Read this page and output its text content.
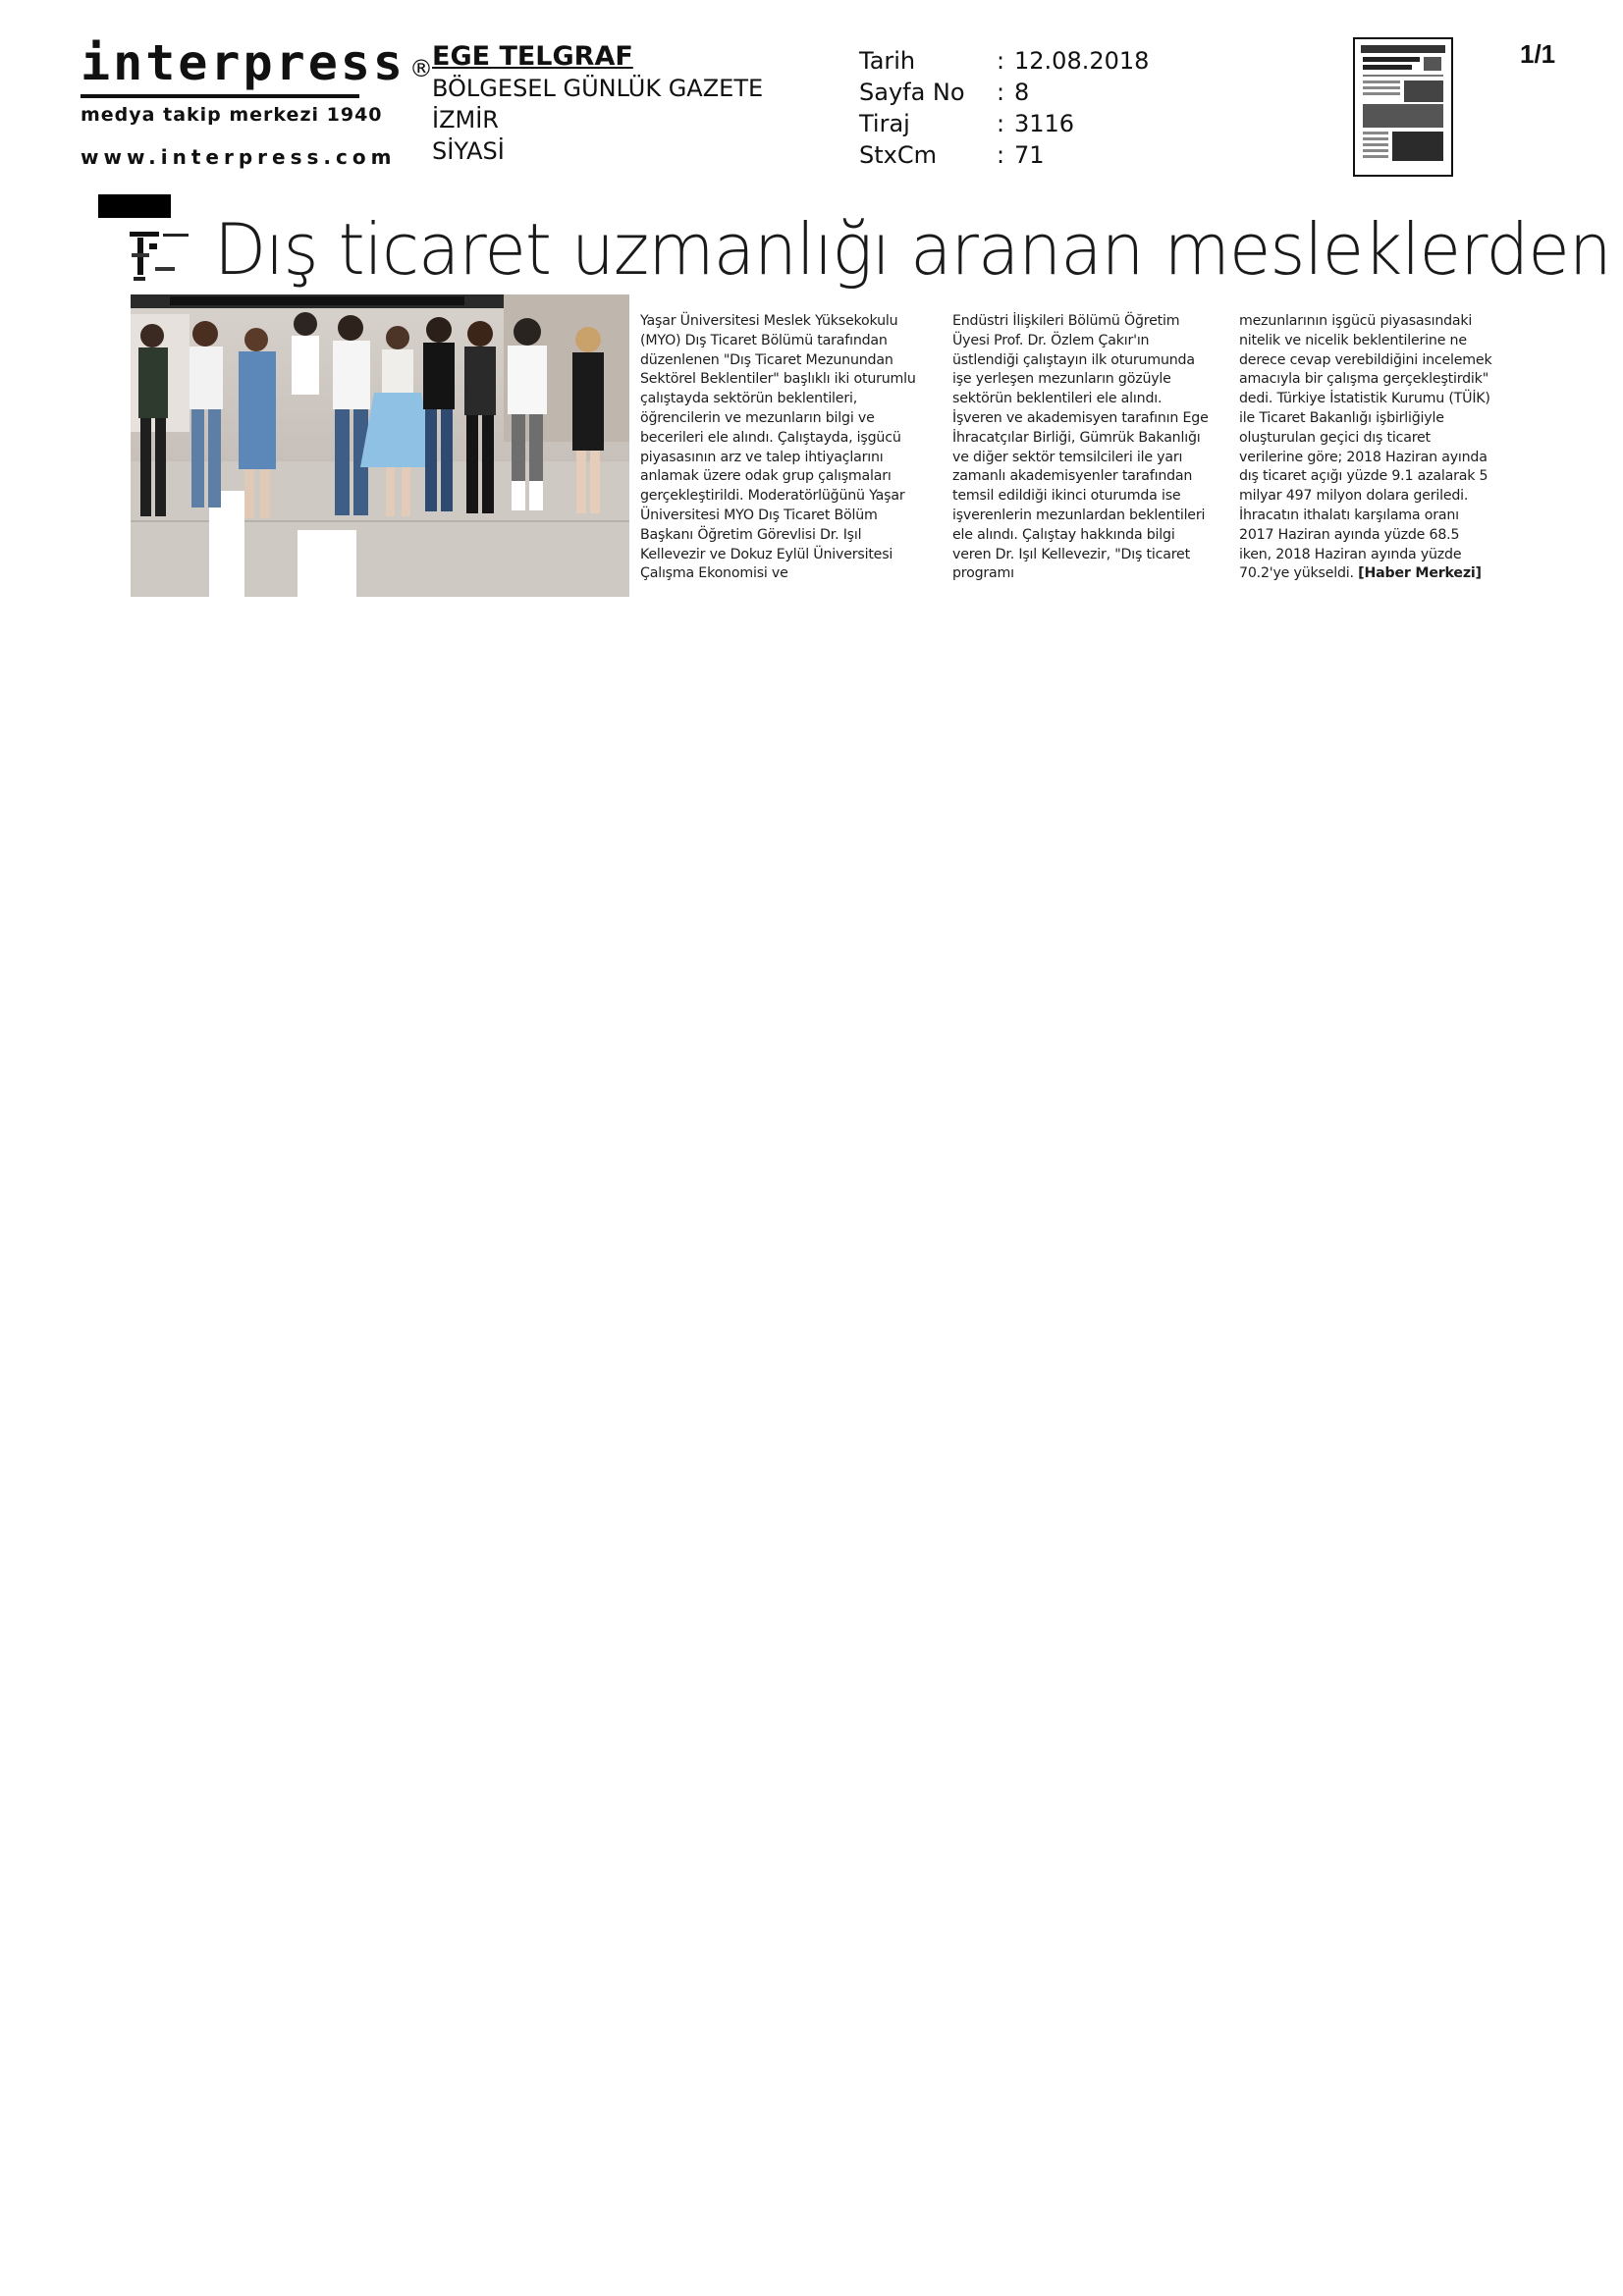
interpress ®
medya takip merkezi 1940
www.interpress.com
EGE TELGRAF
BÖLGESEL GÜNLÜK GAZETE
İZMİR
SİYASİ
Tarih	: 12.08.2018
Sayfa No	: 8
Tiraj	: 3116
StxCm	: 71
1/1
Dış ticaret uzmanlığı aranan mesleklerden

Yaşar Üniversitesi Meslek Yüksekokulu (MYO) Dış Ticaret Bölümü tarafından düzenlenen "Dış Ticaret Mezunundan Sektörel Beklentiler" başlıklı iki oturumlu çalıştayda sektörün beklentileri, öğrencilerin ve mezunların bilgi ve becerileri ele alındı. Çalıştayda, işgücü piyasasının arz ve talep ihtiyaçlarını anlamak üzere odak grup çalışmaları gerçekleştirildi. Moderatörlüğünü Yaşar Üniversitesi MYO Dış Ticaret Bölüm Başkanı Öğretim Görevlisi Dr. Işıl Kellevezir ve Dokuz Eylül Üniversitesi Çalışma Ekonomisi ve

Endüstri İlişkileri Bölümü Öğretim Üyesi Prof. Dr. Özlem Çakır'ın üstlendiği çalıştayın ilk oturumunda işe yerleşen mezunların gözüyle sektörün beklentileri ele alındı. İşveren ve akademisyen tarafının Ege İhracatçılar Birliği, Gümrük Bakanlığı ve diğer sektör temsilcileri ile yarı zamanlı akademisyenler tarafından temsil edildiği ikinci oturumda ise işverenlerin mezunlardan beklentileri ele alındı. Çalıştay hakkında bilgi veren Dr. Işıl Kellevezir, "Dış ticaret programı

mezunlarının işgücü piyasasındaki nitelik ve nicelik beklentilerine ne derece cevap verebildiğini incelemek amacıyla bir çalışma gerçekleştirdik" dedi. Türkiye İstatistik Kurumu (TÜİK) ile Ticaret Bakanlığı işbirliğiyle oluşturulan geçici dış ticaret verilerine göre; 2018 Haziran ayında dış ticaret açığı yüzde 9.1 azalarak 5 milyar 497 milyon dolara geriledi. İhracatın ithalatı karşılama oranı 2017 Haziran ayında yüzde 68.5 iken, 2018 Haziran ayında yüzde 70.2'ye yükseldi. [Haber Merkezi]
